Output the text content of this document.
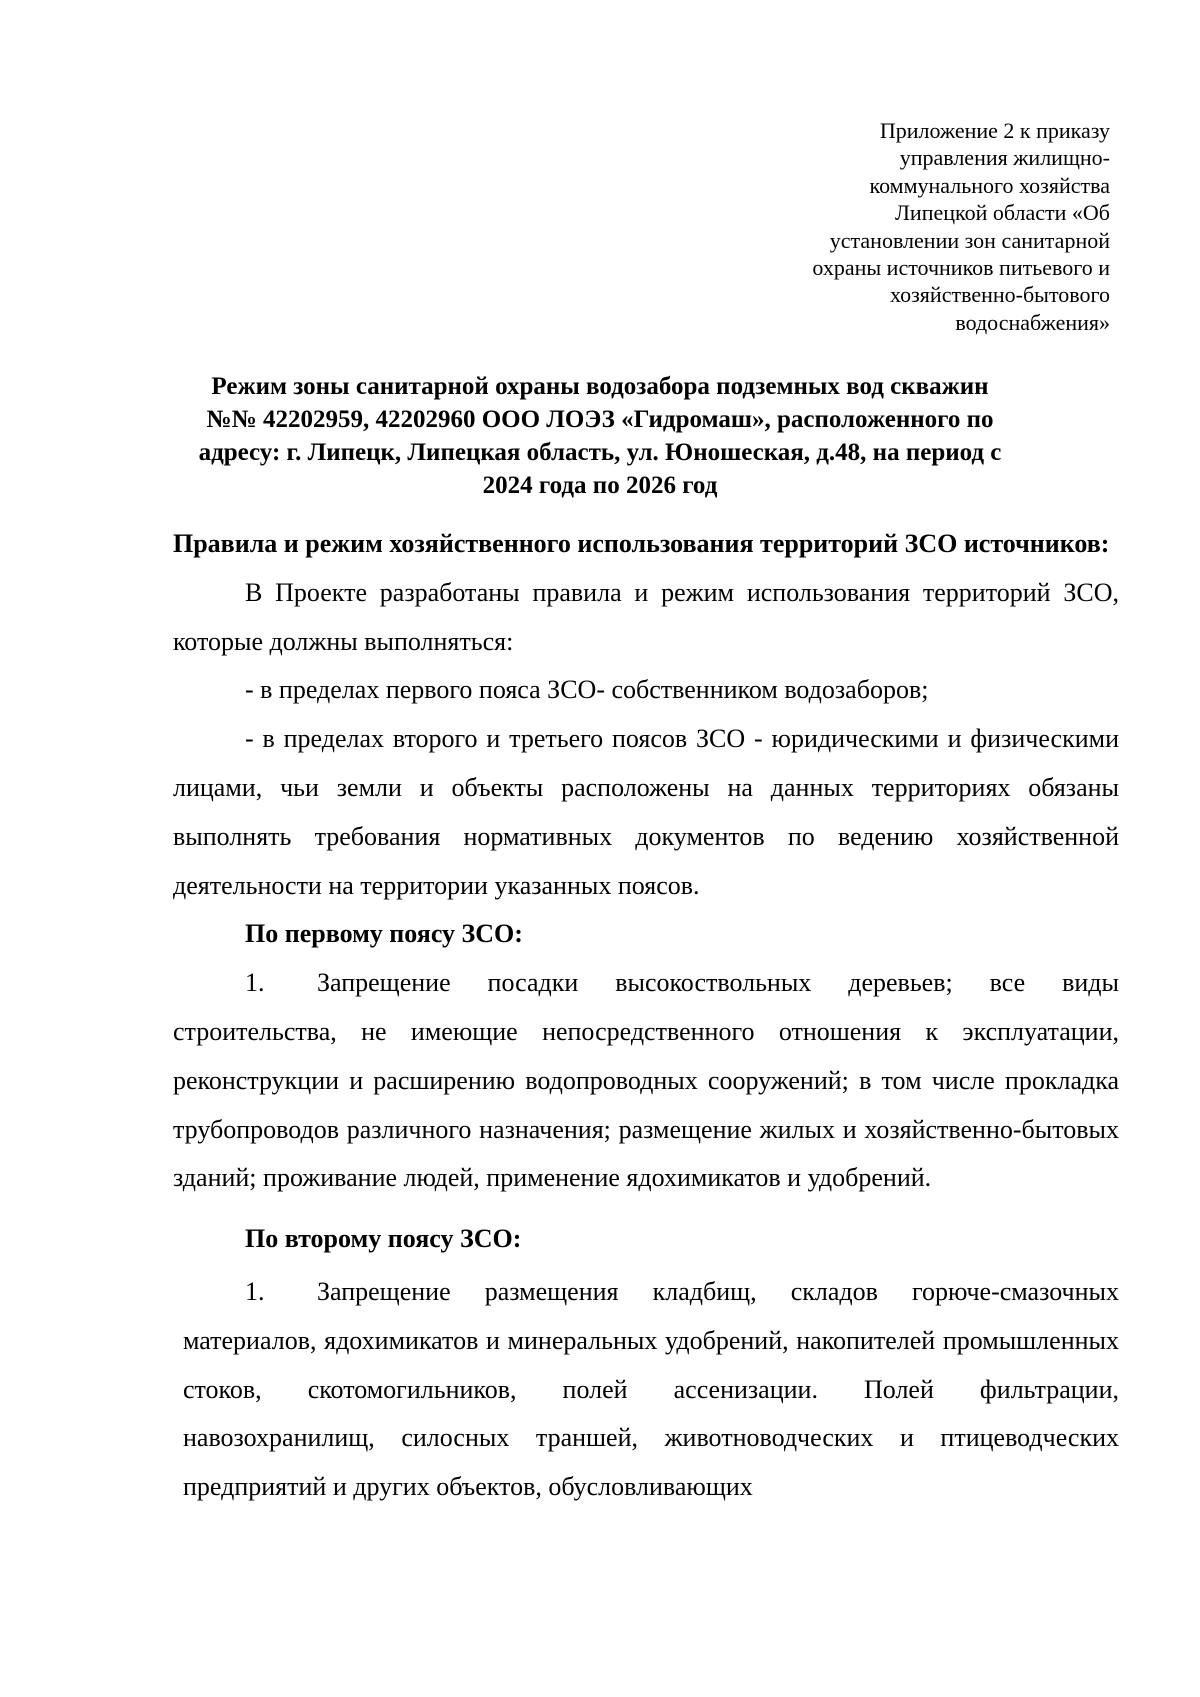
Приложение 2 к приказу
управления жилищно-
коммунального хозяйства
Липецкой области «Об
установлении зон санитарной
охраны источников питьевого и
хозяйственно-бытового
водоснабжения»
Режим зоны санитарной охраны водозабора подземных вод скважин
№№ 42202959, 42202960 ООО ЛОЭЗ «Гидромаш», расположенного по
адресу: г. Липецк, Липецкая область, ул. Юношеская, д.48, на период с
2024 года по 2026 год

Правила и режим хозяйственного использования территорий ЗСО источников:

В Проекте разработаны правила и режим использования территорий ЗСО, которые должны выполняться:

- в пределах первого пояса ЗСО- собственником водозаборов;

- в пределах второго и третьего поясов ЗСО - юридическими и физическими лицами, чьи земли и объекты расположены на данных территориях обязаны выполнять требования нормативных документов по ведению хозяйственной деятельности на территории указанных поясов.

По первому поясу ЗСО:

1. Запрещение посадки высокоствольных деревьев; все виды строительства, не имеющие непосредственного отношения к эксплуатации, реконструкции и расширению водопроводных сооружений; в том числе прокладка трубопроводов различного назначения; размещение жилых и хозяйственно-бытовых зданий; проживание людей, применение ядохимикатов и удобрений.

По второму поясу ЗСО:

1. Запрещение размещения кладбищ, складов горюче-смазочных материалов, ядохимикатов и минеральных удобрений, накопителей промышленных стоков, скотомогильников, полей ассенизации. Полей фильтрации, навозохранилищ, силосных траншей, животноводческих и птицеводческих предприятий и других объектов, обусловливающих
